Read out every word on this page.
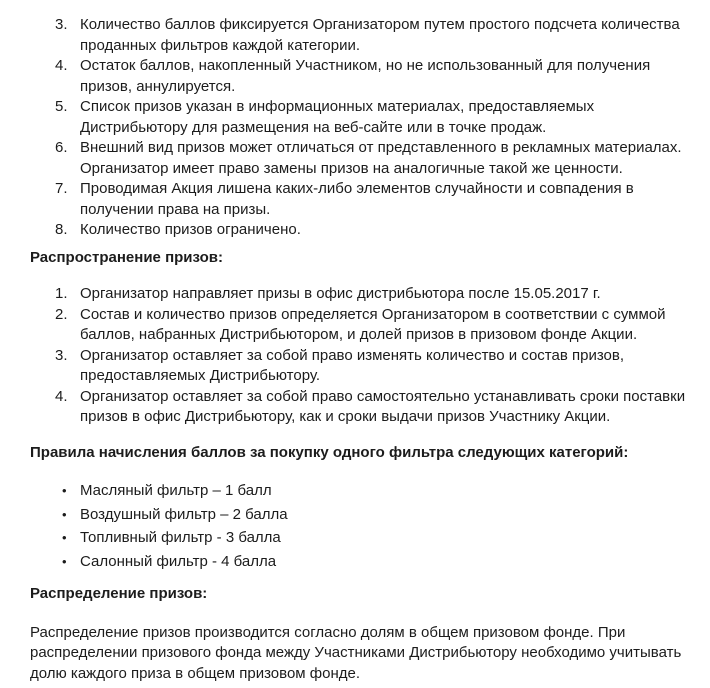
3. Количество баллов фиксируется Организатором путем простого подсчета количества проданных фильтров каждой категории.
4. Остаток баллов, накопленный Участником, но не использованный для получения призов, аннулируется.
5. Список призов указан в информационных материалах, предоставляемых Дистрибьютору для размещения на веб-сайте или в точке продаж.
6. Внешний вид призов может отличаться от представленного в рекламных материалах. Организатор имеет право замены призов на аналогичные такой же ценности.
7. Проводимая Акция лишена каких-либо элементов случайности и совпадения в получении права на призы.
8. Количество призов ограничено.
Распространение призов:
1. Организатор направляет призы в офис дистрибьютора после 15.05.2017 г.
2. Состав и количество призов определяется Организатором в соответствии с суммой баллов, набранных Дистрибьютором, и долей призов в призовом фонде Акции.
3. Организатор оставляет за собой право изменять количество и состав призов, предоставляемых Дистрибьютору.
4. Организатор оставляет за собой право самостоятельно устанавливать сроки поставки призов в офис Дистрибьютору, как и сроки выдачи призов Участнику Акции.
Правила начисления баллов за покупку одного фильтра следующих категорий:
• Масляный фильтр – 1 балл
• Воздушный фильтр – 2 балла
• Топливный фильтр - 3 балла
• Салонный фильтр - 4 балла
Распределение призов:

Распределение призов производится согласно долям в общем призовом фонде. При распределении призового фонда между Участниками Дистрибьютору необходимо учитывать долю каждого приза в общем призовом фонде.
